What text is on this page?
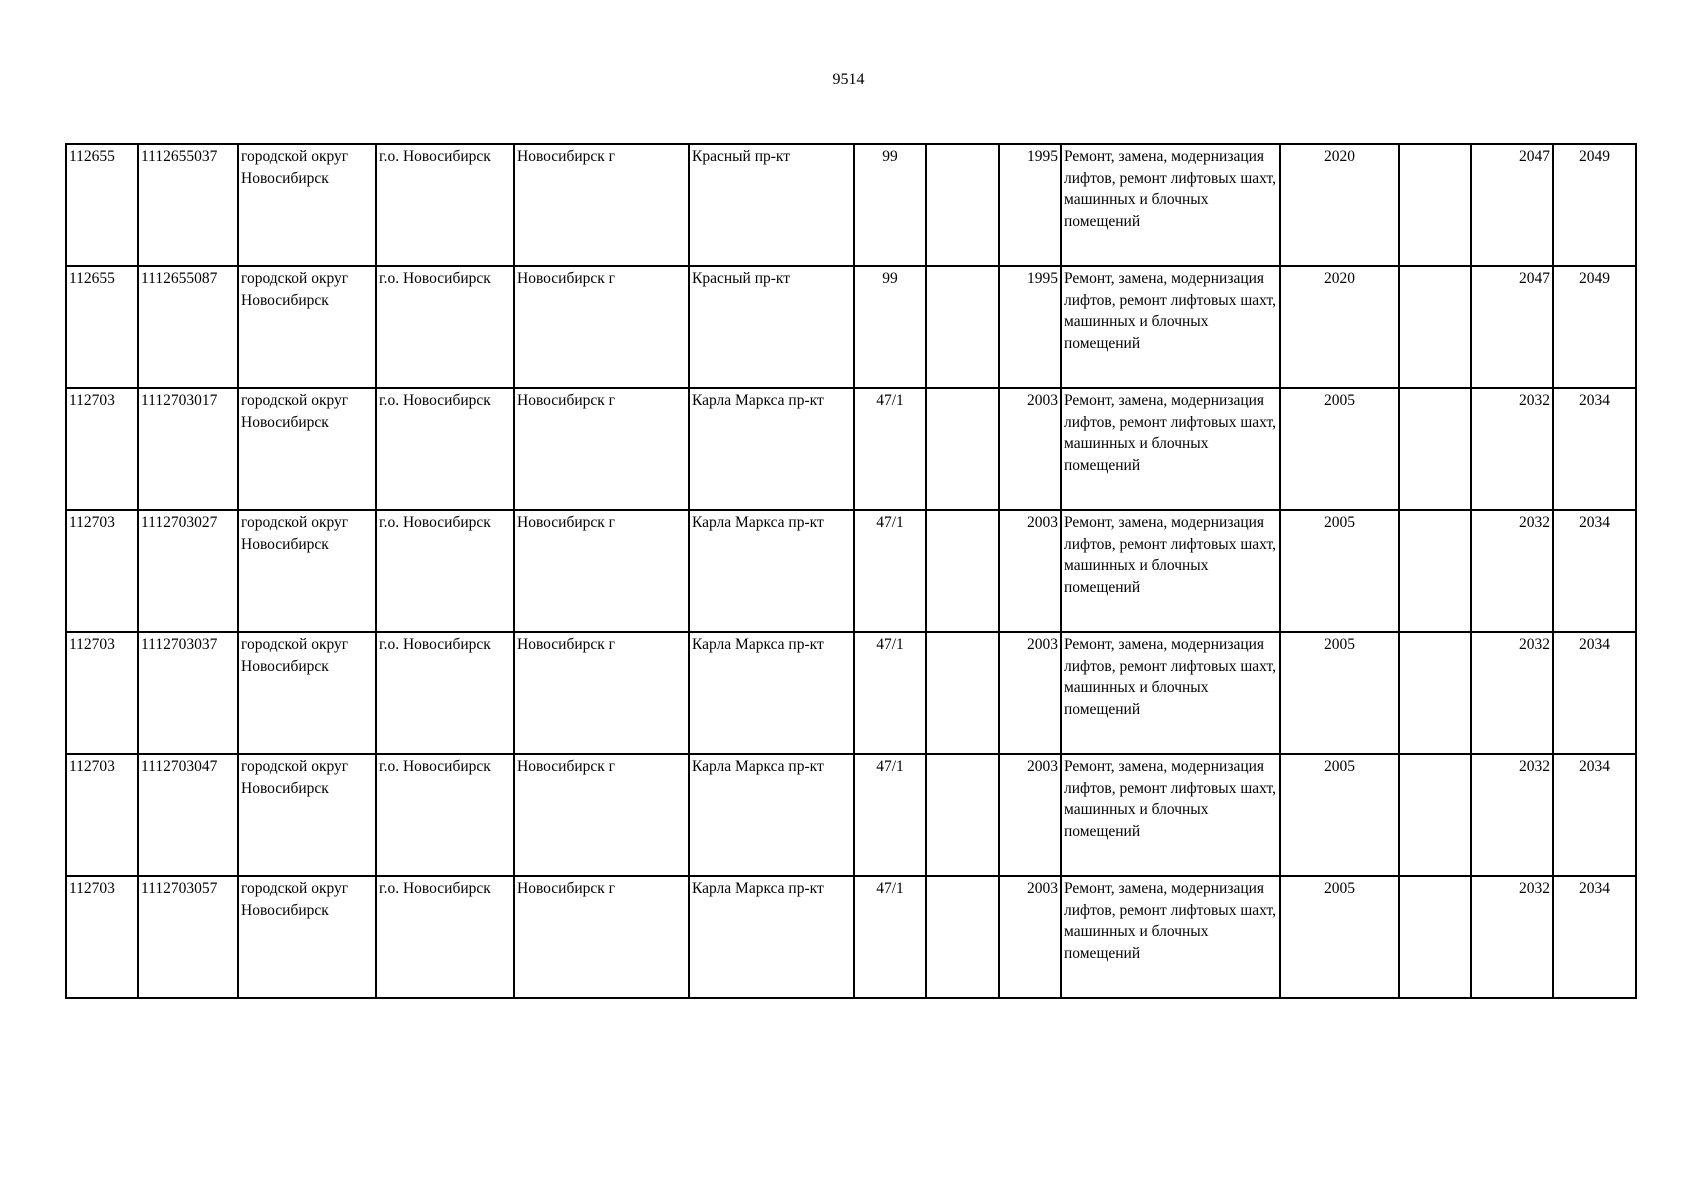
9514
112655	1112655037	городской округ Новосибирск	г.о. Новосибирск	Новосибирск г	Красный пр-кт	99		1995	Ремонт, замена, модернизация лифтов, ремонт лифтовых шахт, машинных и блочных помещений	2020		2047	2049
112655	1112655087	городской округ Новосибирск	г.о. Новосибирск	Новосибирск г	Красный пр-кт	99		1995	Ремонт, замена, модернизация лифтов, ремонт лифтовых шахт, машинных и блочных помещений	2020		2047	2049
112703	1112703017	городской округ Новосибирск	г.о. Новосибирск	Новосибирск г	Карла Маркса пр-кт	47/1		2003	Ремонт, замена, модернизация лифтов, ремонт лифтовых шахт, машинных и блочных помещений	2005		2032	2034
112703	1112703027	городской округ Новосибирск	г.о. Новосибирск	Новосибирск г	Карла Маркса пр-кт	47/1		2003	Ремонт, замена, модернизация лифтов, ремонт лифтовых шахт, машинных и блочных помещений	2005		2032	2034
112703	1112703037	городской округ Новосибирск	г.о. Новосибирск	Новосибирск г	Карла Маркса пр-кт	47/1		2003	Ремонт, замена, модернизация лифтов, ремонт лифтовых шахт, машинных и блочных помещений	2005		2032	2034
112703	1112703047	городской округ Новосибирск	г.о. Новосибирск	Новосибирск г	Карла Маркса пр-кт	47/1		2003	Ремонт, замена, модернизация лифтов, ремонт лифтовых шахт, машинных и блочных помещений	2005		2032	2034
112703	1112703057	городской округ Новосибирск	г.о. Новосибирск	Новосибирск г	Карла Маркса пр-кт	47/1		2003	Ремонт, замена, модернизация лифтов, ремонт лифтовых шахт, машинных и блочных помещений	2005		2032	2034
